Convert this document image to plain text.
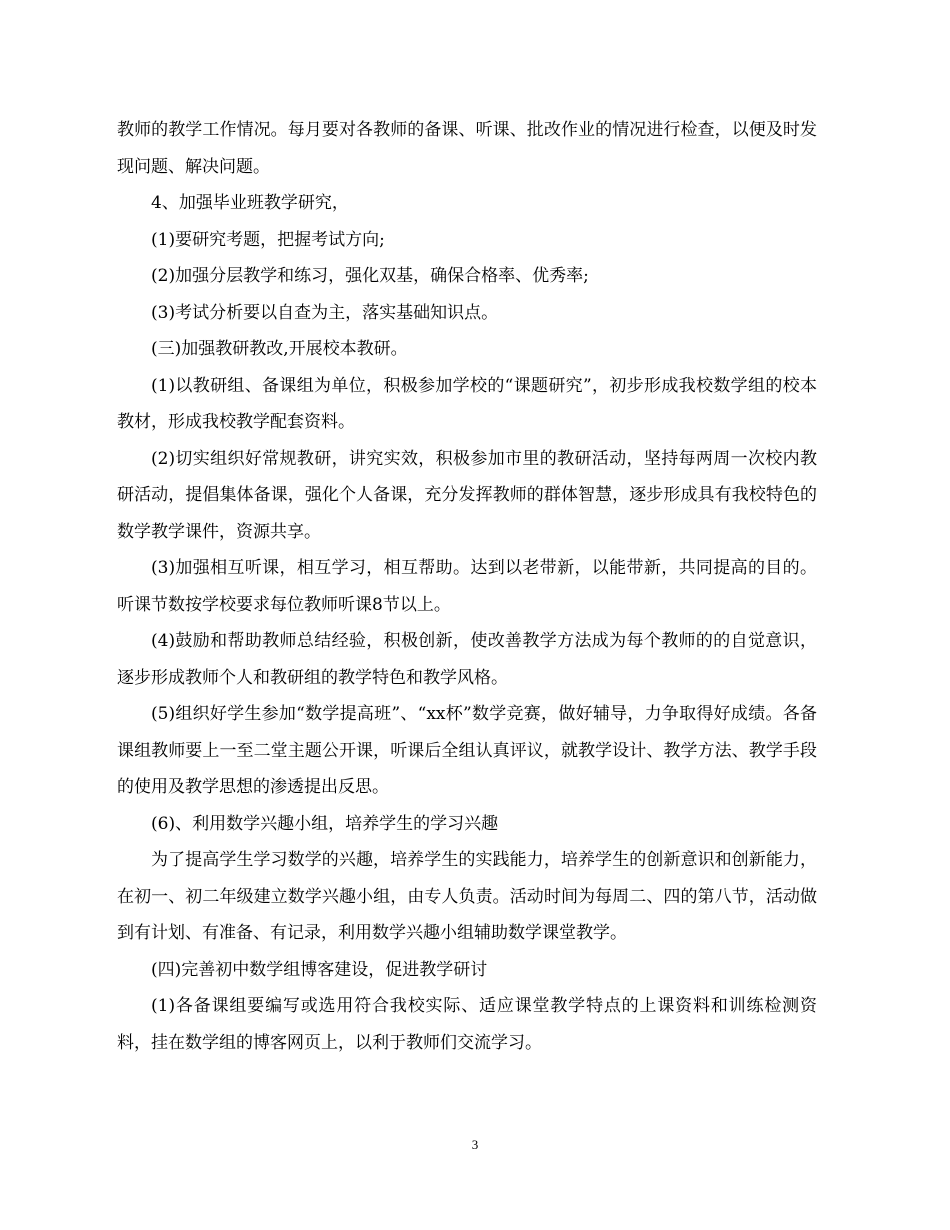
教师的教学工作情况。每月要对各教师的备课、听课、批改作业的情况进行检查，以便及时发现问题、解决问题。

4、加强毕业班教学研究，

(1)要研究考题，把握考试方向;

(2)加强分层教学和练习，强化双基，确保合格率、优秀率;

(3)考试分析要以自查为主，落实基础知识点。

(三)加强教研教改,开展校本教研。

(1)以教研组、备课组为单位，积极参加学校的“课题研究”，初步形成我校数学组的校本教材，形成我校教学配套资料。

(2)切实组织好常规教研，讲究实效，积极参加市里的教研活动，坚持每两周一次校内教研活动，提倡集体备课，强化个人备课，充分发挥教师的群体智慧，逐步形成具有我校特色的数学教学课件，资源共享。

(3)加强相互听课，相互学习，相互帮助。达到以老带新，以能带新，共同提高的目的。听课节数按学校要求每位教师听课8节以上。

(4)鼓励和帮助教师总结经验，积极创新，使改善教学方法成为每个教师的的自觉意识，逐步形成教师个人和教研组的教学特色和教学风格。

(5)组织好学生参加“数学提高班”、“xx杯”数学竞赛，做好辅导，力争取得好成绩。各备课组教师要上一至二堂主题公开课，听课后全组认真评议，就教学设计、教学方法、教学手段的使用及教学思想的渗透提出反思。

(6)、利用数学兴趣小组，培养学生的学习兴趣

为了提高学生学习数学的兴趣，培养学生的实践能力，培养学生的创新意识和创新能力，在初一、初二年级建立数学兴趣小组，由专人负责。活动时间为每周二、四的第八节，活动做到有计划、有准备、有记录，利用数学兴趣小组辅助数学课堂教学。

(四)完善初中数学组博客建设，促进教学研讨

(1)各备课组要编写或选用符合我校实际、适应课堂教学特点的上课资料和训练检测资料，挂在数学组的博客网页上，以利于教师们交流学习。

3
